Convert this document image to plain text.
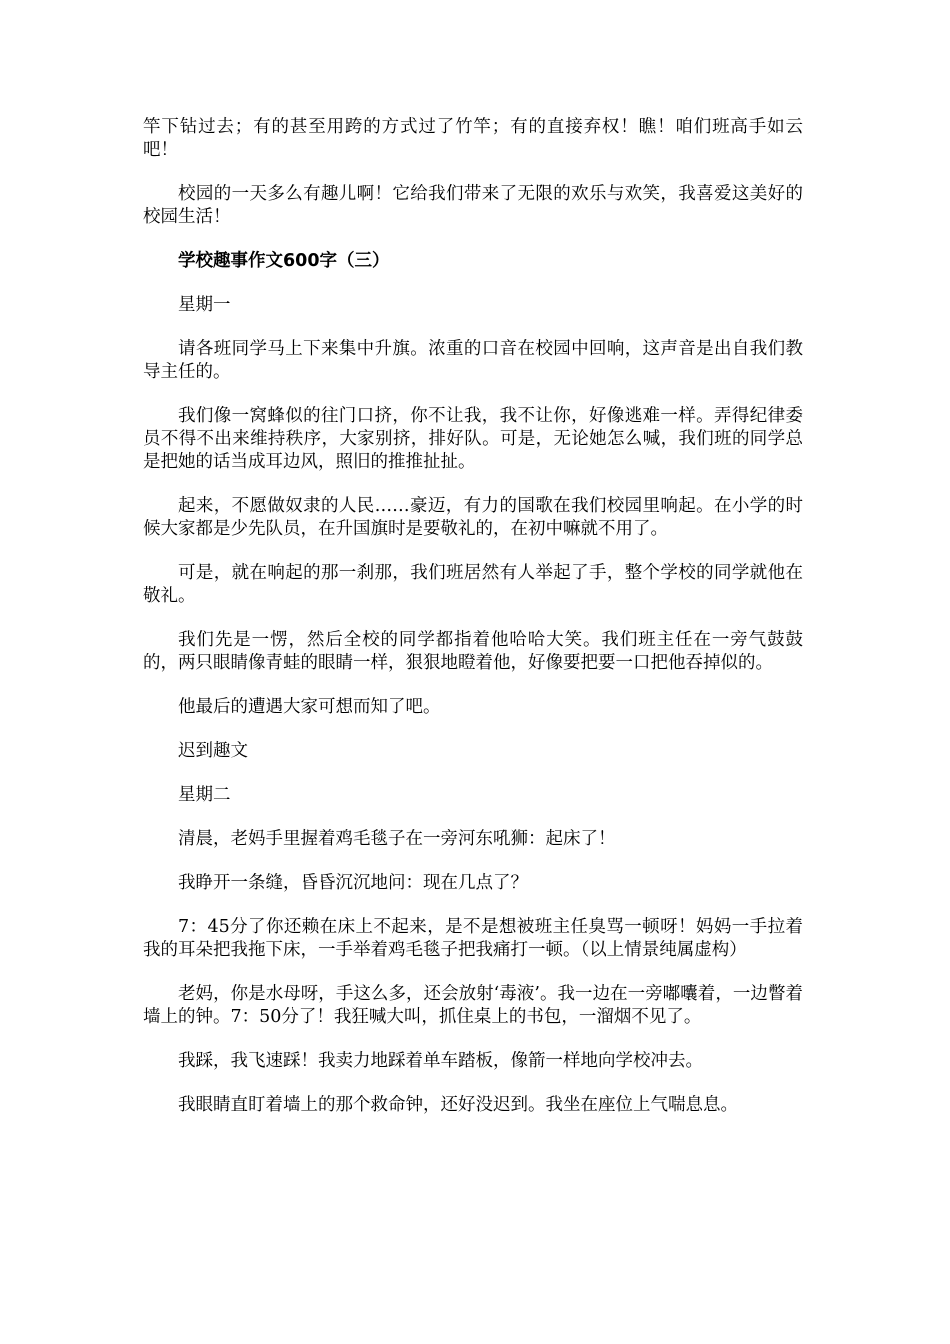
竿下钻过去；有的甚至用跨的方式过了竹竿；有的直接弃权！瞧！咱们班高手如云吧！

校园的一天多么有趣儿啊！它给我们带来了无限的欢乐与欢笑，我喜爱这美好的校园生活！

学校趣事作文600字（三）

星期一

请各班同学马上下来集中升旗。浓重的口音在校园中回响，这声音是出自我们教导主任的。

我们像一窝蜂似的往门口挤，你不让我，我不让你，好像逃难一样。弄得纪律委员不得不出来维持秩序，大家别挤，排好队。可是，无论她怎么喊，我们班的同学总是把她的话当成耳边风，照旧的推推扯扯。

起来，不愿做奴隶的人民……豪迈，有力的国歌在我们校园里响起。在小学的时候大家都是少先队员，在升国旗时是要敬礼的，在初中嘛就不用了。

可是，就在响起的那一刹那，我们班居然有人举起了手，整个学校的同学就他在敬礼。

我们先是一愣，然后全校的同学都指着他哈哈大笑。我们班主任在一旁气鼓鼓的，两只眼睛像青蛙的眼睛一样，狠狠地瞪着他，好像要把要一口把他吞掉似的。

他最后的遭遇大家可想而知了吧。

迟到趣文

星期二

清晨，老妈手里握着鸡毛毯子在一旁河东吼狮：起床了！

我睁开一条缝，昏昏沉沉地问：现在几点了？

7：45分了你还赖在床上不起来，是不是想被班主任臭骂一顿呀！妈妈一手拉着我的耳朵把我拖下床，一手举着鸡毛毯子把我痛打一顿。（以上情景纯属虚构）

老妈，你是水母呀，手这么多，还会放射‘毒液’。我一边在一旁嘟囔着，一边瞥着墙上的钟。7：50分了！我狂喊大叫，抓住桌上的书包，一溜烟不见了。

我踩，我飞速踩！我卖力地踩着单车踏板，像箭一样地向学校冲去。

我眼睛直盯着墙上的那个救命钟，还好没迟到。我坐在座位上气喘息息。
